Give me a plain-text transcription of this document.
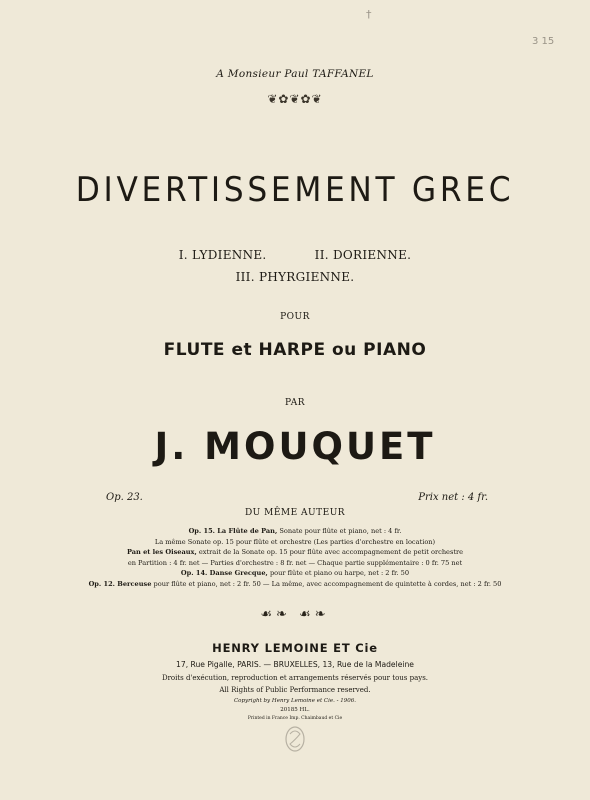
†
3 15
A Monsieur Paul TAFFANEL
❦✿❦✿❦
DIVERTISSEMENT GREC
I. LYDIENNE.	II. DORIENNE.
III. PHYRGIENNE.
POUR
FLUTE et HARPE ou PIANO
PAR
J. MOUQUET
Op. 23.	Prix net : 4 fr.
DU MÊME AUTEUR
Op. 15. La Flûte de Pan, Sonate pour flûte et piano, net : 4 fr.
La même Sonate op. 15 pour flûte et orchestre (Les parties d'orchestre en location)
Pan et les Oiseaux, extrait de la Sonate op. 15 pour flûte avec accompagnement de petit orchestre
en Partition : 4 fr. net — Parties d'orchestre : 8 fr. net — Chaque partie supplémentaire : 0 fr. 75 net
Op. 14. Danse Grecque, pour flûte et piano ou harpe, net : 2 fr. 50
Op. 12. Berceuse pour flûte et piano, net : 2 fr. 50 — La même, avec accompagnement de quintette à cordes, net : 2 fr. 50
☙❧ ☙❧
HENRY LEMOINE ET Cie
17, Rue Pigalle, PARIS. — BRUXELLES, 13, Rue de la Madeleine
Droits d'exécution, reproduction et arrangements réservés pour tous pays.
All Rights of Public Performance reserved.
Copyright by Henry Lemoine et Cie. - 1906.
20185 HL.
Printed in France Imp. Chaimbaud et Cie
